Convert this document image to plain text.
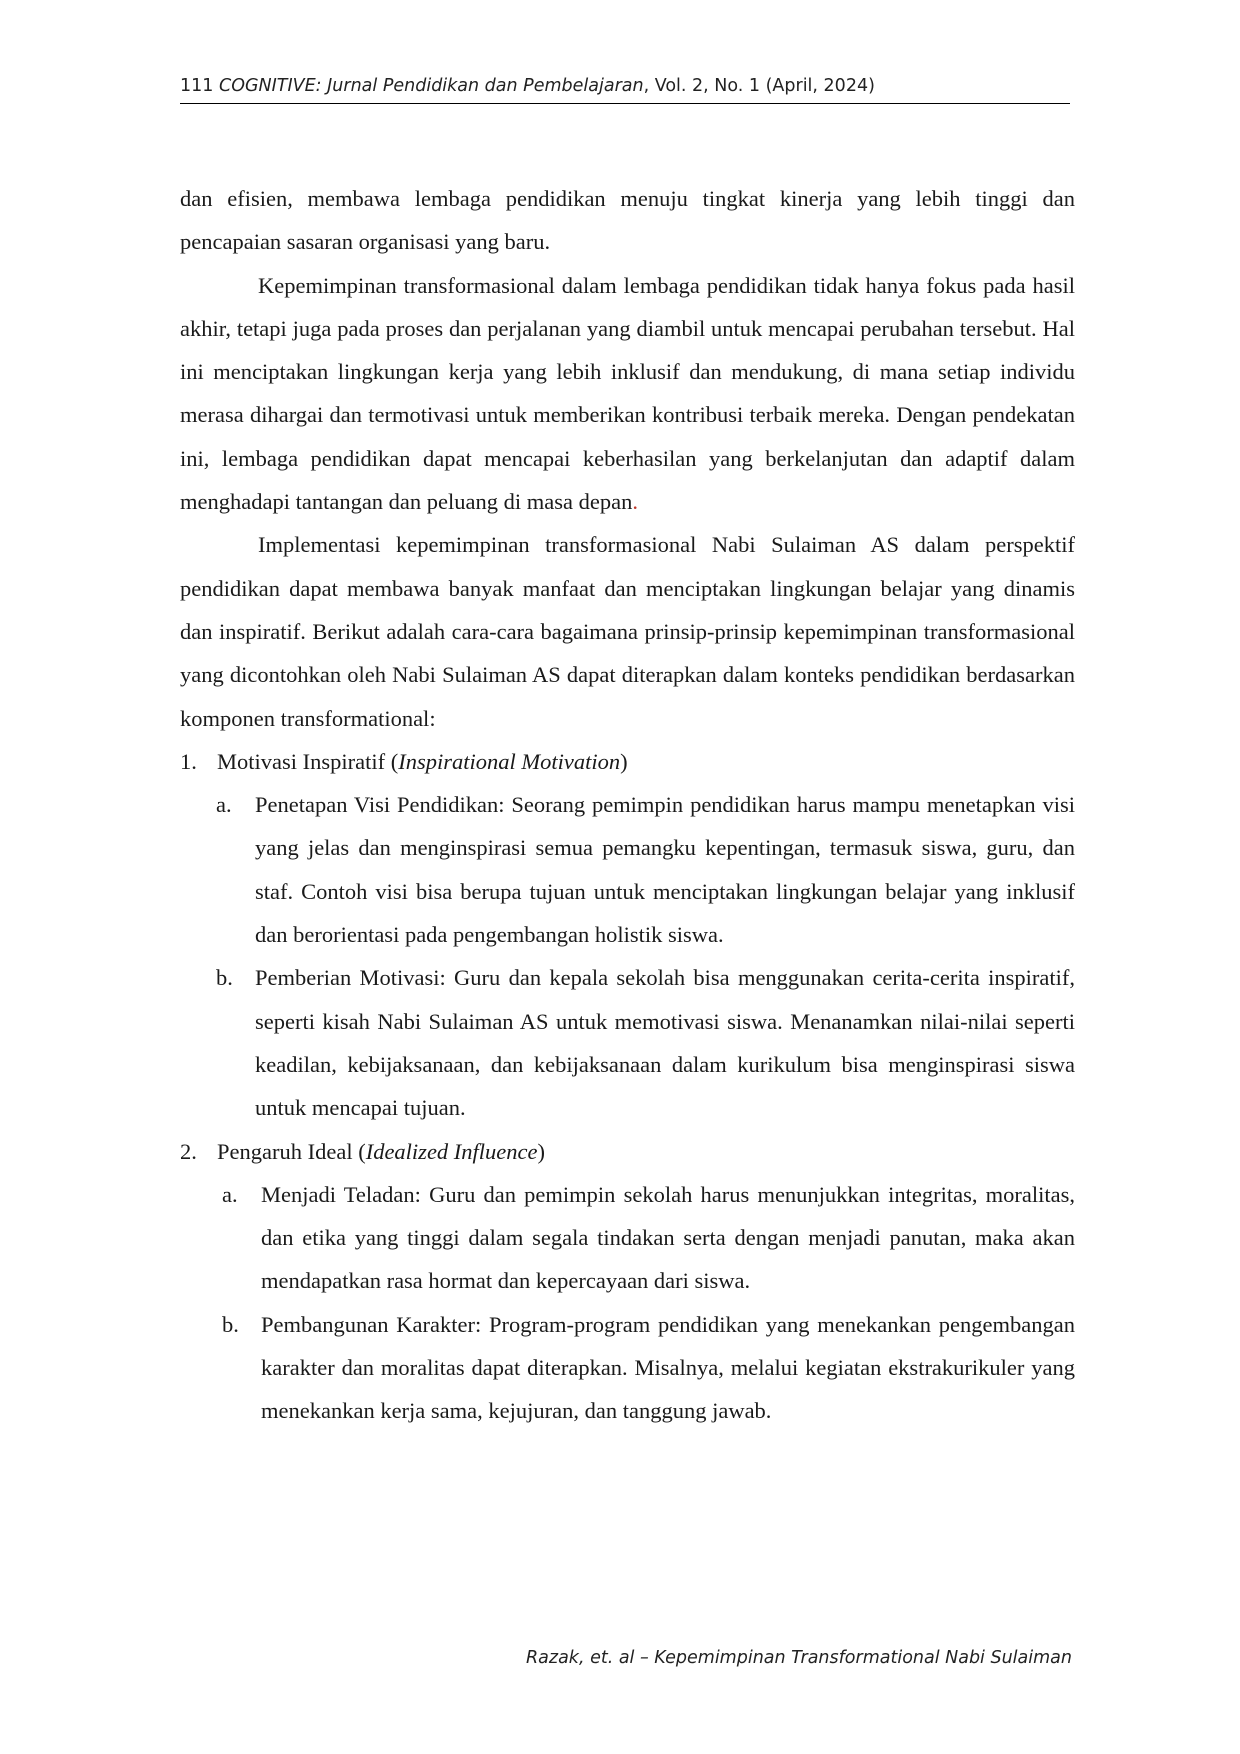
111 COGNITIVE: Jurnal Pendidikan dan Pembelajaran, Vol. 2, No. 1 (April, 2024)

dan efisien, membawa lembaga pendidikan menuju tingkat kinerja yang lebih tinggi dan pencapaian sasaran organisasi yang baru.

Kepemimpinan transformasional dalam lembaga pendidikan tidak hanya fokus pada hasil akhir, tetapi juga pada proses dan perjalanan yang diambil untuk mencapai perubahan tersebut. Hal ini menciptakan lingkungan kerja yang lebih inklusif dan mendukung, di mana setiap individu merasa dihargai dan termotivasi untuk memberikan kontribusi terbaik mereka. Dengan pendekatan ini, lembaga pendidikan dapat mencapai keberhasilan yang berkelanjutan dan adaptif dalam menghadapi tantangan dan peluang di masa depan.

Implementasi kepemimpinan transformasional Nabi Sulaiman AS dalam perspektif pendidikan dapat membawa banyak manfaat dan menciptakan lingkungan belajar yang dinamis dan inspiratif. Berikut adalah cara-cara bagaimana prinsip-prinsip kepemimpinan transformasional yang dicontohkan oleh Nabi Sulaiman AS dapat diterapkan dalam konteks pendidikan berdasarkan komponen transformational:

1. Motivasi Inspiratif (Inspirational Motivation)
a. Penetapan Visi Pendidikan: Seorang pemimpin pendidikan harus mampu menetapkan visi yang jelas dan menginspirasi semua pemangku kepentingan, termasuk siswa, guru, dan staf. Contoh visi bisa berupa tujuan untuk menciptakan lingkungan belajar yang inklusif dan berorientasi pada pengembangan holistik siswa.
b. Pemberian Motivasi: Guru dan kepala sekolah bisa menggunakan cerita-cerita inspiratif, seperti kisah Nabi Sulaiman AS untuk memotivasi siswa. Menanamkan nilai-nilai seperti keadilan, kebijaksanaan, dan kebijaksanaan dalam kurikulum bisa menginspirasi siswa untuk mencapai tujuan.
2. Pengaruh Ideal (Idealized Influence)
a. Menjadi Teladan: Guru dan pemimpin sekolah harus menunjukkan integritas, moralitas, dan etika yang tinggi dalam segala tindakan serta dengan menjadi panutan, maka akan mendapatkan rasa hormat dan kepercayaan dari siswa.
b. Pembangunan Karakter: Program-program pendidikan yang menekankan pengembangan karakter dan moralitas dapat diterapkan. Misalnya, melalui kegiatan ekstrakurikuler yang menekankan kerja sama, kejujuran, dan tanggung jawab.
Razak, et. al – Kepemimpinan Transformational Nabi Sulaiman
